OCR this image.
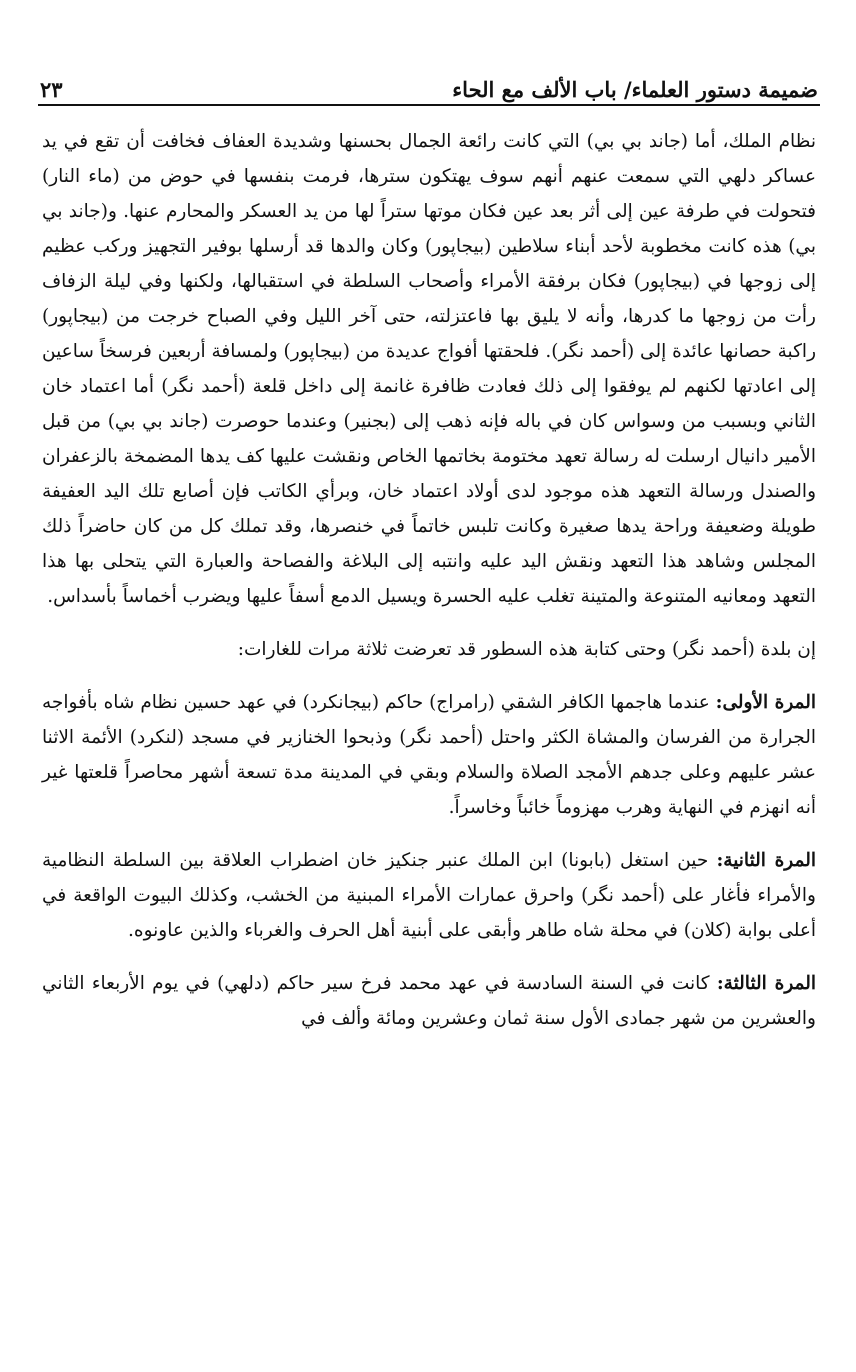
ضميمة دستور العلماء/ باب الألف مع الحاء
٢٣

نظام الملك، أما (جاند بي بي) التي كانت رائعة الجمال بحسنها وشديدة العفاف فخافت أن تقع في يد عساكر دلهي التي سمعت عنهم أنهم سوف يهتكون سترها، فرمت بنفسها في حوض من (ماء النار) فتحولت في طرفة عين إلى أثر بعد عين فكان موتها ستراً لها من يد العسكر والمحارم عنها. و(جاند بي بي) هذه كانت مخطوبة لأحد أبناء سلاطين (بيجاپور) وكان والدها قد أرسلها بوفير التجهيز وركب عظيم إلى زوجها في (بيجاپور) فكان برفقة الأمراء وأصحاب السلطة في استقبالها، ولكنها وفي ليلة الزفاف رأت من زوجها ما كدرها، وأنه لا يليق بها فاعتزلته، حتى آخر الليل وفي الصباح خرجت من (بيجاپور) راكبة حصانها عائدة إلى (أحمد نگر). فلحقتها أفواج عديدة من (بيجاپور) ولمسافة أربعين فرسخاً ساعين إلى اعادتها لكنهم لم يوفقوا إلى ذلك فعادت ظافرة غانمة إلى داخل قلعة (أحمد نگر) أما اعتماد خان الثاني وبسبب من وسواس كان في باله فإنه ذهب إلى (بجنير) وعندما حوصرت (جاند بي بي) من قبل الأمير دانيال ارسلت له رسالة تعهد مختومة بخاتمها الخاص ونقشت عليها كف يدها المضمخة بالزعفران والصندل ورسالة التعهد هذه موجود لدى أولاد اعتماد خان، وبرأي الكاتب فإن أصابع تلك اليد العفيفة طويلة وضعيفة وراحة يدها صغيرة وكانت تلبس خاتماً في خنصرها، وقد تملك كل من كان حاضراً ذلك المجلس وشاهد هذا التعهد ونقش اليد عليه وانتبه إلى البلاغة والفصاحة والعبارة التي يتحلى بها هذا التعهد ومعانيه المتنوعة والمتينة تغلب عليه الحسرة ويسيل الدمع أسفاً عليها ويضرب أخماساً بأسداس.

إن بلدة (أحمد نگر) وحتى كتابة هذه السطور قد تعرضت ثلاثة مرات للغارات:

المرة الأولى: عندما هاجمها الكافر الشقي (رامراج) حاكم (بيجانكرد) في عهد حسين نظام شاه بأفواجه الجرارة من الفرسان والمشاة الكثر واحتل (أحمد نگر) وذبحوا الخنازير في مسجد (لنكرد) الأئمة الاثنا عشر عليهم وعلى جدهم الأمجد الصلاة والسلام وبقي في المدينة مدة تسعة أشهر محاصراً قلعتها غير أنه انهزم في النهاية وهرب مهزوماً خائباً وخاسراً.

المرة الثانية: حين استغل (بابونا) ابن الملك عنبر جنكيز خان اضطراب العلاقة بين السلطة النظامية والأمراء فأغار على (أحمد نگر) واحرق عمارات الأمراء المبنية من الخشب، وكذلك البيوت الواقعة في أعلى بوابة (كلان) في محلة شاه طاهر وأبقى على أبنية أهل الحرف والغرباء والذين عاونوه.

المرة الثالثة: كانت في السنة السادسة في عهد محمد فرخ سير حاكم (دلهي) في يوم الأربعاء الثاني والعشرين من شهر جمادى الأول سنة ثمان وعشرين ومائة وألف في
